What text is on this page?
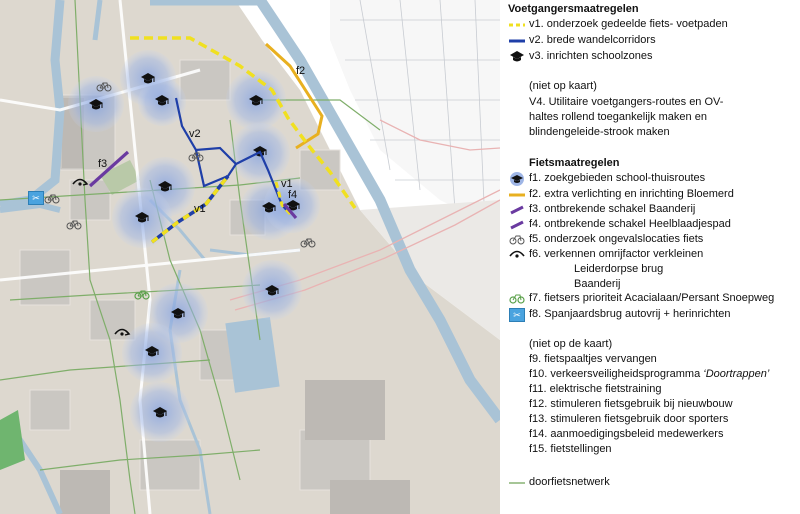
v2
v1
v1
f2
f3
f4
✂
Voetgangersmaatregelen
v1. onderzoek gedeelde fiets- voetpaden
v2. brede wandelcorridors
v3. inrichten schoolzones
(niet op kaart)
V4. Utilitaire voetgangers-routes en OV-
haltes rollend toegankelijk maken en
blindengeleide-strook maken
Fietsmaatregelen
f1. zoekgebieden school-thuisroutes
f2. extra verlichting en inrichting Bloemerd
f3. ontbrekende schakel Baanderij
f4. ontbrekende schakel Heelblaadjespad
f5. onderzoek ongevalslocaties fiets
f6. verkennen omrijfactor verkleinen
Leiderdorpse brug
Baanderij
f7. fietsers prioriteit Acacialaan/Persant Snoepweg
✂ f8. Spanjaardsbrug autovrij + herinrichten
(niet op de kaart)
f9. fietspaaltjes vervangen
f10. verkeersveiligheidsprogramma ‘Doortrappen’
f11. elektrische fietstraining
f12. stimuleren fietsgebruik bij nieuwbouw
f13. stimuleren fietsgebruik door sporters
f14. aanmoedigingsbeleid medewerkers
f15. fietstellingen
doorfietsnetwerk
